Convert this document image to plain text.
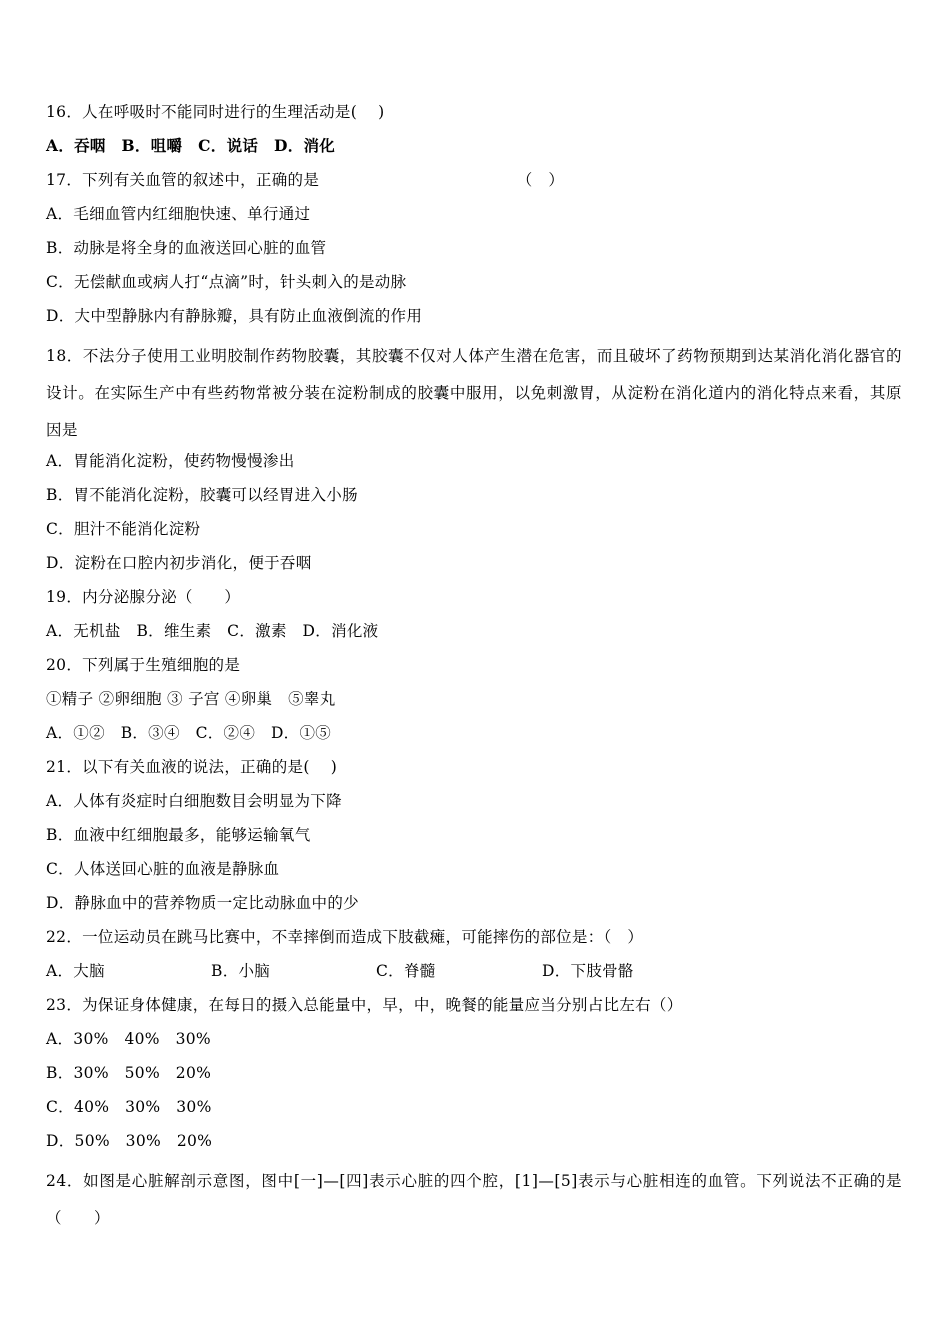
16．人在呼吸时不能同时进行的生理活动是(　 )
A．吞咽　B．咀嚼　C．说话　D．消化
17．下列有关血管的叙述中，正确的是　　　　　　　　　　　　　（　）
A．毛细血管内红细胞快速、单行通过
B．动脉是将全身的血液送回心脏的血管
C．无偿献血或病人打“点滴”时，针头刺入的是动脉
D．大中型静脉内有静脉瓣，具有防止血液倒流的作用
18．不法分子使用工业明胶制作药物胶囊，其胶囊不仅对人体产生潜在危害，而且破坏了药物预期到达某消化消化器官的设计。在实际生产中有些药物常被分装在淀粉制成的胶囊中服用，以免刺激胃，从淀粉在消化道内的消化特点来看，其原因是
A．胃能消化淀粉，使药物慢慢渗出
B．胃不能消化淀粉，胶囊可以经胃进入小肠
C．胆汁不能消化淀粉
D．淀粉在口腔内初步消化，便于吞咽
19．内分泌腺分泌（　　）
A．无机盐　B．维生素　C．激素　D．消化液
20．下列属于生殖细胞的是
①精子 ②卵细胞 ③ 子宫 ④卵巢　⑤睾丸
A．①②　B．③④　C．②④　D．①⑤
21．以下有关血液的说法，正确的是(　 )
A．人体有炎症时白细胞数目会明显为下降
B．血液中红细胞最多，能够运输氧气
C．人体送回心脏的血液是静脉血
D．静脉血中的营养物质一定比动脉血中的少
22．一位运动员在跳马比赛中，不幸摔倒而造成下肢截瘫，可能摔伤的部位是：（　）
A．大脑	B．小脑	C．脊髓	D．下肢骨骼
23．为保证身体健康，在每日的摄入总能量中，早，中，晚餐的能量应当分别占比左右（）
A．30%　40%　30%
B．30%　50%　20%
C．40%　30%　30%
D．50%　30%　20%
24．如图是心脏解剖示意图，图中[一]—[四]表示心脏的四个腔，[1]—[5]表示与心脏相连的血管。下列说法不正确的是（　　）
